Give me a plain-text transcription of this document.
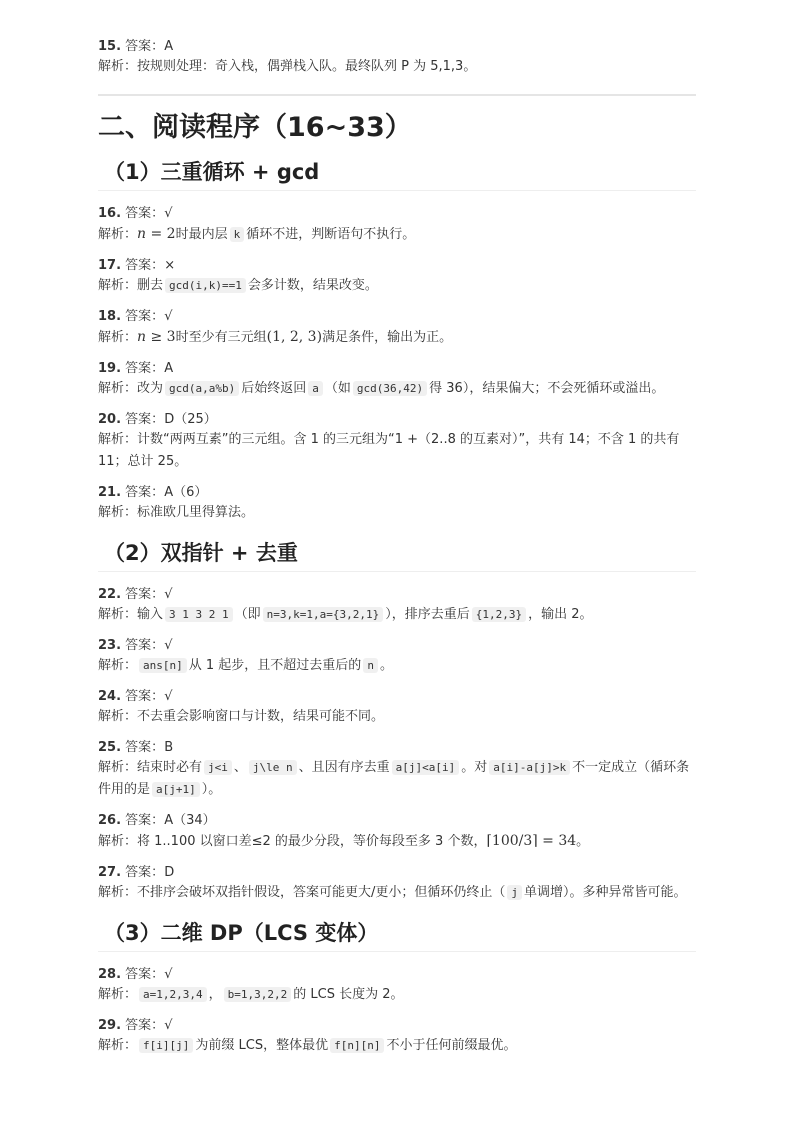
15. 答案：A
解析：按规则处理：奇入栈，偶弹栈入队。最终队列 P 为 5,1,3。
二、阅读程序（16~33）
（1）三重循环 + gcd
16. 答案：√
解析：n = 2时最内层 k 循环不进，判断语句不执行。
17. 答案：×
解析：删去 gcd(i,k)==1 会多计数，结果改变。
18. 答案：√
解析：n ≥ 3时至少有三元组(1, 2, 3)满足条件，输出为正。
19. 答案：A
解析：改为 gcd(a,a%b) 后始终返回 a （如 gcd(36,42) 得 36），结果偏大；不会死循环或溢出。
20. 答案：D（25）
解析：计数“两两互素”的三元组。含 1 的三元组为“1 +（2..8 的互素对）”，共有 14；不含 1 的共有 11；总计 25。
21. 答案：A（6）
解析：标准欧几里得算法。
（2）双指针 + 去重
22. 答案：√
解析：输入 3 1 3 2 1 （即 n=3,k=1,a={3,2,1} ），排序去重后 {1,2,3} ，输出 2。
23. 答案：√
解析： ans[n] 从 1 起步，且不超过去重后的 n 。
24. 答案：√
解析：不去重会影响窗口与计数，结果可能不同。
25. 答案：B
解析：结束时必有 j<i 、 j\le n 、且因有序去重 a[j]<a[i] 。对 a[i]-a[j]>k 不一定成立（循环条件用的是 a[j+1] ）。
26. 答案：A（34）
解析：将 1..100 以窗口差≤2 的最少分段，等价每段至多 3 个数，⌈100/3⌉ = 34。
27. 答案：D
解析：不排序会破坏双指针假设，答案可能更大/更小；但循环仍终止（ j 单调增）。多种异常皆可能。
（3）二维 DP（LCS 变体）
28. 答案：√
解析： a=1,2,3,4 ， b=1,3,2,2 的 LCS 长度为 2。
29. 答案：√
解析： f[i][j] 为前缀 LCS，整体最优 f[n][n] 不小于任何前缀最优。
